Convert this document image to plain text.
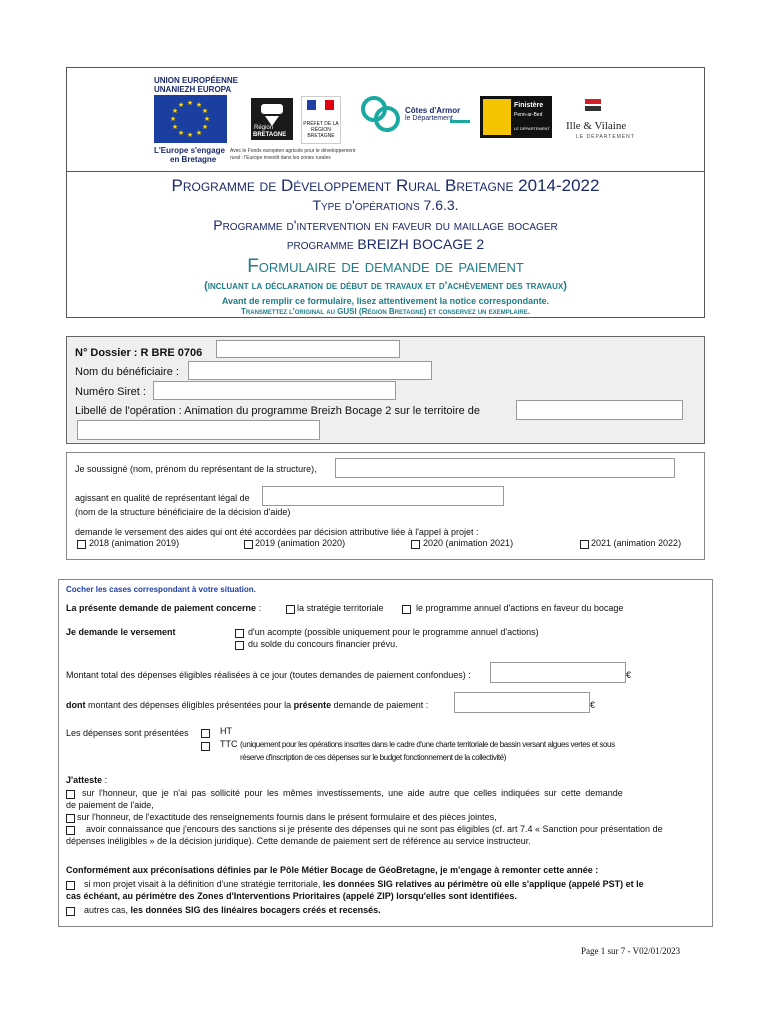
UNION EUROPÉENNE
UNANIEZH EUROPA
★ ★
★
★
★
★
★
★
★
★
★
★
L'Europe s'engage
en Bretagne
Avec le Fonds européen agricole pour le développement rural : l'Europe investit dans les zones rurales
Région
BRETAGNE
PRÉFET DE LA RÉGION BRETAGNE
Côtes d'Armor
le Département
Finistère
Penn-ar-Bed
LE DÉPARTEMENT Ille & Vilaine
LE DÉPARTEMENT
Programme de Développement Rural Bretagne 2014-2022
Type d'opérations 7.6.3.
Programme d'intervention en faveur du maillage bocager
programme BREIZH BOCAGE 2
Formulaire de demande de paiement
(incluant la déclaration de début de travaux et d'achèvement des travaux)
Avant de remplir ce formulaire, lisez attentivement la notice correspondante.
Transmettez l'original au GUSI (Région Bretagne) et conservez un exemplaire.
N° Dossier : R BRE 0706
Nom du bénéficiaire :
Numéro Siret :
Libellé de l'opération : Animation du programme Breizh Bocage 2 sur le territoire de
Je soussigné (nom, prénom du représentant de la structure),
agissant en qualité de représentant légal de
(nom de la structure bénéficiaire de la décision d'aide)
demande le versement des aides qui ont été accordées par décision attributive liée à l'appel à projet :
2018 (animation 2019)	2019 (animation 2020)	2020 (animation 2021)	2021 (animation 2022)
Cocher les cases correspondant à votre situation.
La présente demande de paiement concerne :	la stratégie territoriale	le programme annuel d'actions en faveur du bocage
Je demande le versement	d'un acompte (possible uniquement pour le programme annuel d'actions)
du solde du concours financier prévu.
Montant total des dépenses éligibles réalisées à ce jour (toutes demandes de paiement confondues) :	€
dont montant des dépenses éligibles présentées pour la présente demande de paiement :	€
Les dépenses sont présentées	HT
TTC (uniquement pour les opérations inscrites dans le cadre d'une charte territoriale de bassin versant algues vertes et sous
réserve d'inscription de ces dépenses sur le budget fonctionnement de la collectivité)
J'atteste :
sur l'honneur, que je n'ai pas sollicité pour les mêmes investissements, une aide autre que celles indiquées sur cette demande
de paiement de l'aide,
sur l'honneur, de l'exactitude des renseignements fournis dans le présent formulaire et des pièces jointes,
avoir connaissance que j'encours des sanctions si je présente des dépenses qui ne sont pas éligibles (cf. art 7.4 « Sanction pour présentation de
dépenses inéligibles » de la décision juridique). Cette demande de paiement sert de référence au service instructeur.
Conformément aux préconisations définies par le Pôle Métier Bocage de GéoBretagne, je m'engage à remonter cette année :
si mon projet visait à la définition d'une stratégie territoriale, les données SIG relatives au périmètre où elle s'applique (appelé PST) et le
cas échéant, au périmètre des Zones d'Interventions Prioritaires (appelé ZIP) lorsqu'elles sont identifiées.
autres cas, les données SIG des linéaires bocagers créés et recensés.
Page 1 sur 7 - V02/01/2023
